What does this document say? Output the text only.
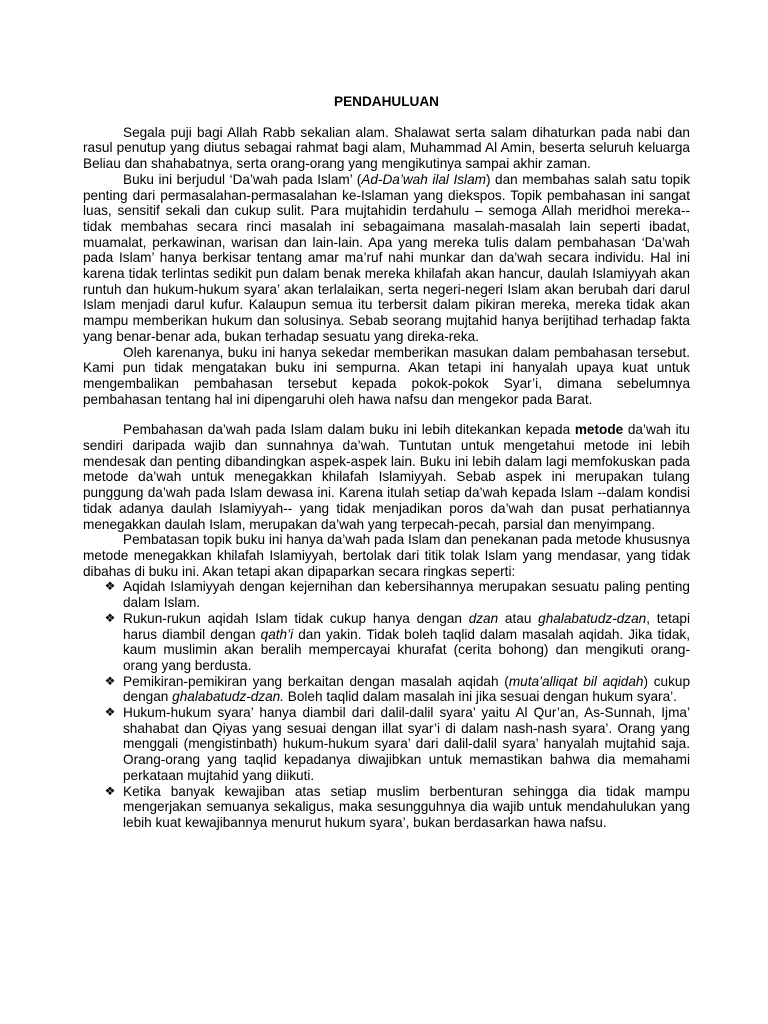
PENDAHULUAN

Segala puji bagi Allah Rabb sekalian alam. Shalawat serta salam dihaturkan pada nabi dan rasul penutup yang diutus sebagai rahmat bagi alam, Muhammad Al Amin, beserta seluruh keluarga Beliau dan shahabatnya, serta orang-orang yang mengikutinya sampai akhir zaman.

Buku ini berjudul ‘Da’wah pada Islam’ (Ad-Da’wah ilal Islam) dan membahas salah satu topik penting dari permasalahan-permasalahan ke-Islaman yang diekspos. Topik pembahasan ini sangat luas, sensitif sekali dan cukup sulit. Para mujtahidin terdahulu – semoga Allah meridhoi mereka-- tidak membahas secara rinci masalah ini sebagaimana masalah-masalah lain seperti ibadat, muamalat, perkawinan, warisan dan lain-lain. Apa yang mereka tulis dalam pembahasan ‘Da’wah pada Islam’ hanya berkisar tentang amar ma’ruf nahi munkar dan da’wah secara individu. Hal ini karena tidak terlintas sedikit pun dalam benak mereka khilafah akan hancur, daulah Islamiyyah akan runtuh dan hukum-hukum syara’ akan terlalaikan, serta negeri-negeri Islam akan berubah dari darul Islam menjadi darul kufur. Kalaupun semua itu terbersit dalam pikiran mereka, mereka tidak akan mampu memberikan hukum dan solusinya. Sebab seorang mujtahid hanya berijtihad terhadap fakta yang benar-benar ada, bukan terhadap sesuatu yang direka-reka.

Oleh karenanya, buku ini hanya sekedar memberikan masukan dalam pembahasan tersebut. Kami pun tidak mengatakan buku ini sempurna. Akan tetapi ini hanyalah upaya kuat untuk mengembalikan pembahasan tersebut kepada pokok-pokok Syar’i, dimana sebelumnya pembahasan tentang hal ini dipengaruhi oleh hawa nafsu dan mengekor pada Barat.

Pembahasan da’wah pada Islam dalam buku ini lebih ditekankan kepada metode da’wah itu sendiri daripada wajib dan sunnahnya da’wah. Tuntutan untuk mengetahui metode ini lebih mendesak dan penting dibandingkan aspek-aspek lain. Buku ini lebih dalam lagi memfokuskan pada metode da’wah untuk menegakkan khilafah Islamiyyah. Sebab aspek ini merupakan tulang punggung da’wah pada Islam dewasa ini. Karena itulah setiap da’wah kepada Islam --dalam kondisi tidak adanya daulah Islamiyyah-- yang tidak menjadikan poros da’wah dan pusat perhatiannya menegakkan daulah Islam, merupakan da’wah yang terpecah-pecah, parsial dan menyimpang.

Pembatasan topik buku ini hanya da’wah pada Islam dan penekanan pada metode khususnya metode menegakkan khilafah Islamiyyah, bertolak dari titik tolak Islam yang mendasar, yang tidak dibahas di buku ini. Akan tetapi akan dipaparkan secara ringkas seperti:

❖ Aqidah Islamiyyah dengan kejernihan dan kebersihannya merupakan sesuatu paling penting dalam Islam.
❖ Rukun-rukun aqidah Islam tidak cukup hanya dengan dzan atau ghalabatudz-dzan, tetapi harus diambil dengan qath’i dan yakin. Tidak boleh taqlid dalam masalah aqidah. Jika tidak, kaum muslimin akan beralih mempercayai khurafat (cerita bohong) dan mengikuti orang-orang yang berdusta.
❖ Pemikiran-pemikiran yang berkaitan dengan masalah aqidah (muta’alliqat bil aqidah) cukup dengan ghalabatudz-dzan. Boleh taqlid dalam masalah ini jika sesuai dengan hukum syara’.
❖ Hukum-hukum syara’ hanya diambil dari dalil-dalil syara’ yaitu Al Qur’an, As-Sunnah, Ijma’ shahabat dan Qiyas yang sesuai dengan illat syar’i di dalam nash-nash syara’. Orang yang menggali (mengistinbath) hukum-hukum syara’ dari dalil-dalil syara’ hanyalah mujtahid saja. Orang-orang yang taqlid kepadanya diwajibkan untuk memastikan bahwa dia memahami perkataan mujtahid yang diikuti.
❖ Ketika banyak kewajiban atas setiap muslim berbenturan sehingga dia tidak mampu mengerjakan semuanya sekaligus, maka sesungguhnya dia wajib untuk mendahulukan yang lebih kuat kewajibannya menurut hukum syara’, bukan berdasarkan hawa nafsu.
